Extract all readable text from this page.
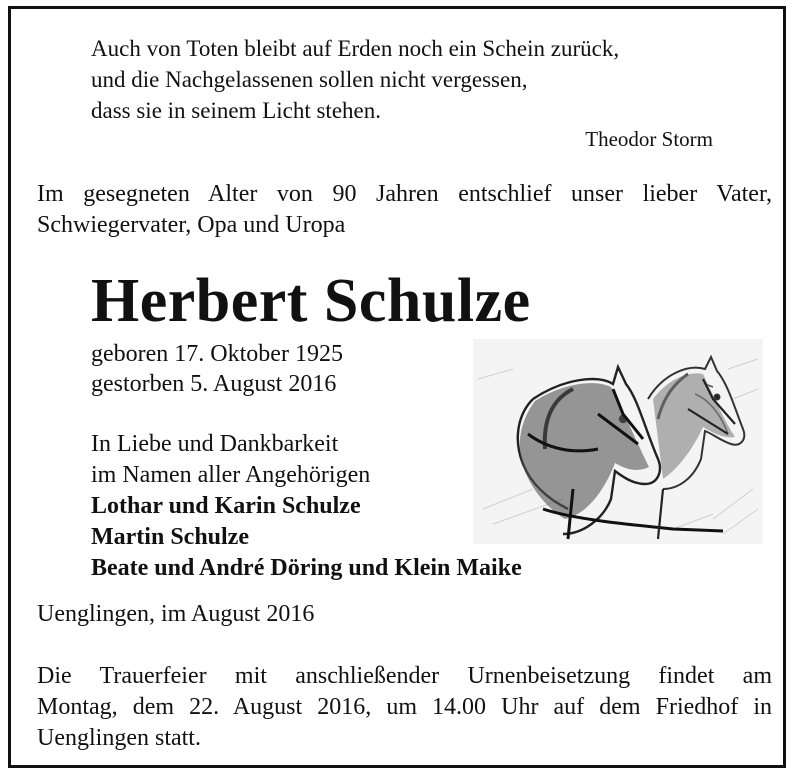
Auch von Toten bleibt auf Erden noch ein Schein zurück,
und die Nachgelassenen sollen nicht vergessen,
dass sie in seinem Licht stehen.
Theodor Storm
Im gesegneten Alter von 90 Jahren entschlief unser lieber Vater,
Schwiegervater, Opa und Uropa
Herbert Schulze
geboren 17. Oktober 1925
gestorben 5. August 2016
In Liebe und Dankbarkeit
im Namen aller Angehörigen
Lothar und Karin Schulze
Martin Schulze
Beate und André Döring und Klein Maike
Uenglingen, im August 2016
Die Trauerfeier mit anschließender Urnenbeisetzung findet am
Montag, dem 22. August 2016, um 14.00 Uhr auf dem Friedhof in
Uenglingen statt.
